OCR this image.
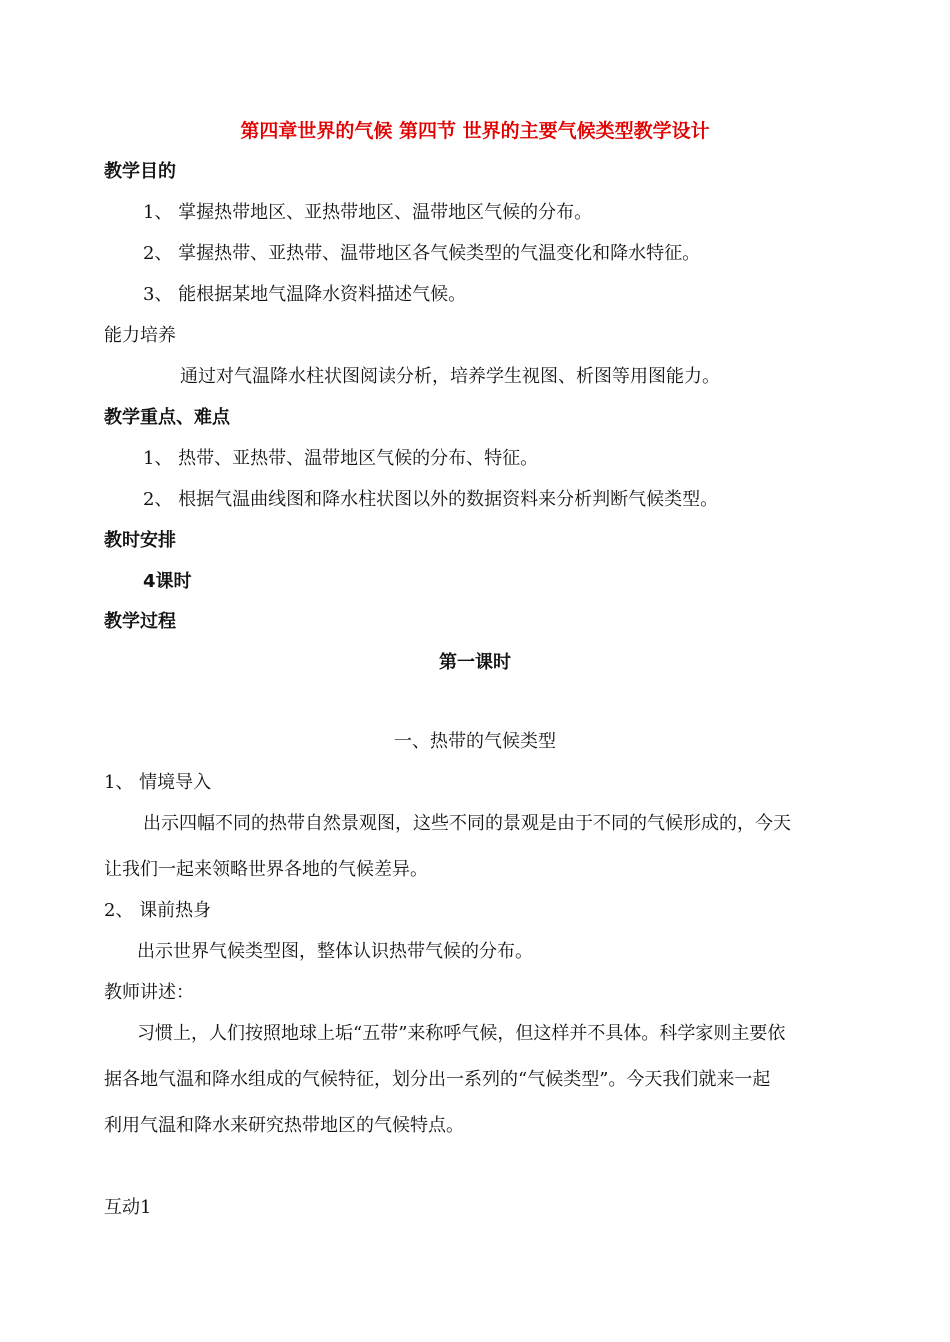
第四章世界的气候 第四节 世界的主要气候类型教学设计
教学目的
1、 掌握热带地区、亚热带地区、温带地区气候的分布。
2、 掌握热带、亚热带、温带地区各气候类型的气温变化和降水特征。
3、 能根据某地气温降水资料描述气候。
能力培养
通过对气温降水柱状图阅读分析，培养学生视图、析图等用图能力。
教学重点、难点
1、 热带、亚热带、温带地区气候的分布、特征。
2、 根据气温曲线图和降水柱状图以外的数据资料来分析判断气候类型。
教时安排
4课时
教学过程
第一课时
一、热带的气候类型
1、 情境导入
出示四幅不同的热带自然景观图，这些不同的景观是由于不同的气候形成的，今天
让我们一起来领略世界各地的气候差异。
2、 课前热身
出示世界气候类型图，整体认识热带气候的分布。
教师讲述：
习惯上，人们按照地球上垢“五带”来称呼气候，但这样并不具体。科学家则主要依
据各地气温和降水组成的气候特征，划分出一系列的“气候类型”。今天我们就来一起
利用气温和降水来研究热带地区的气候特点。
互动1
